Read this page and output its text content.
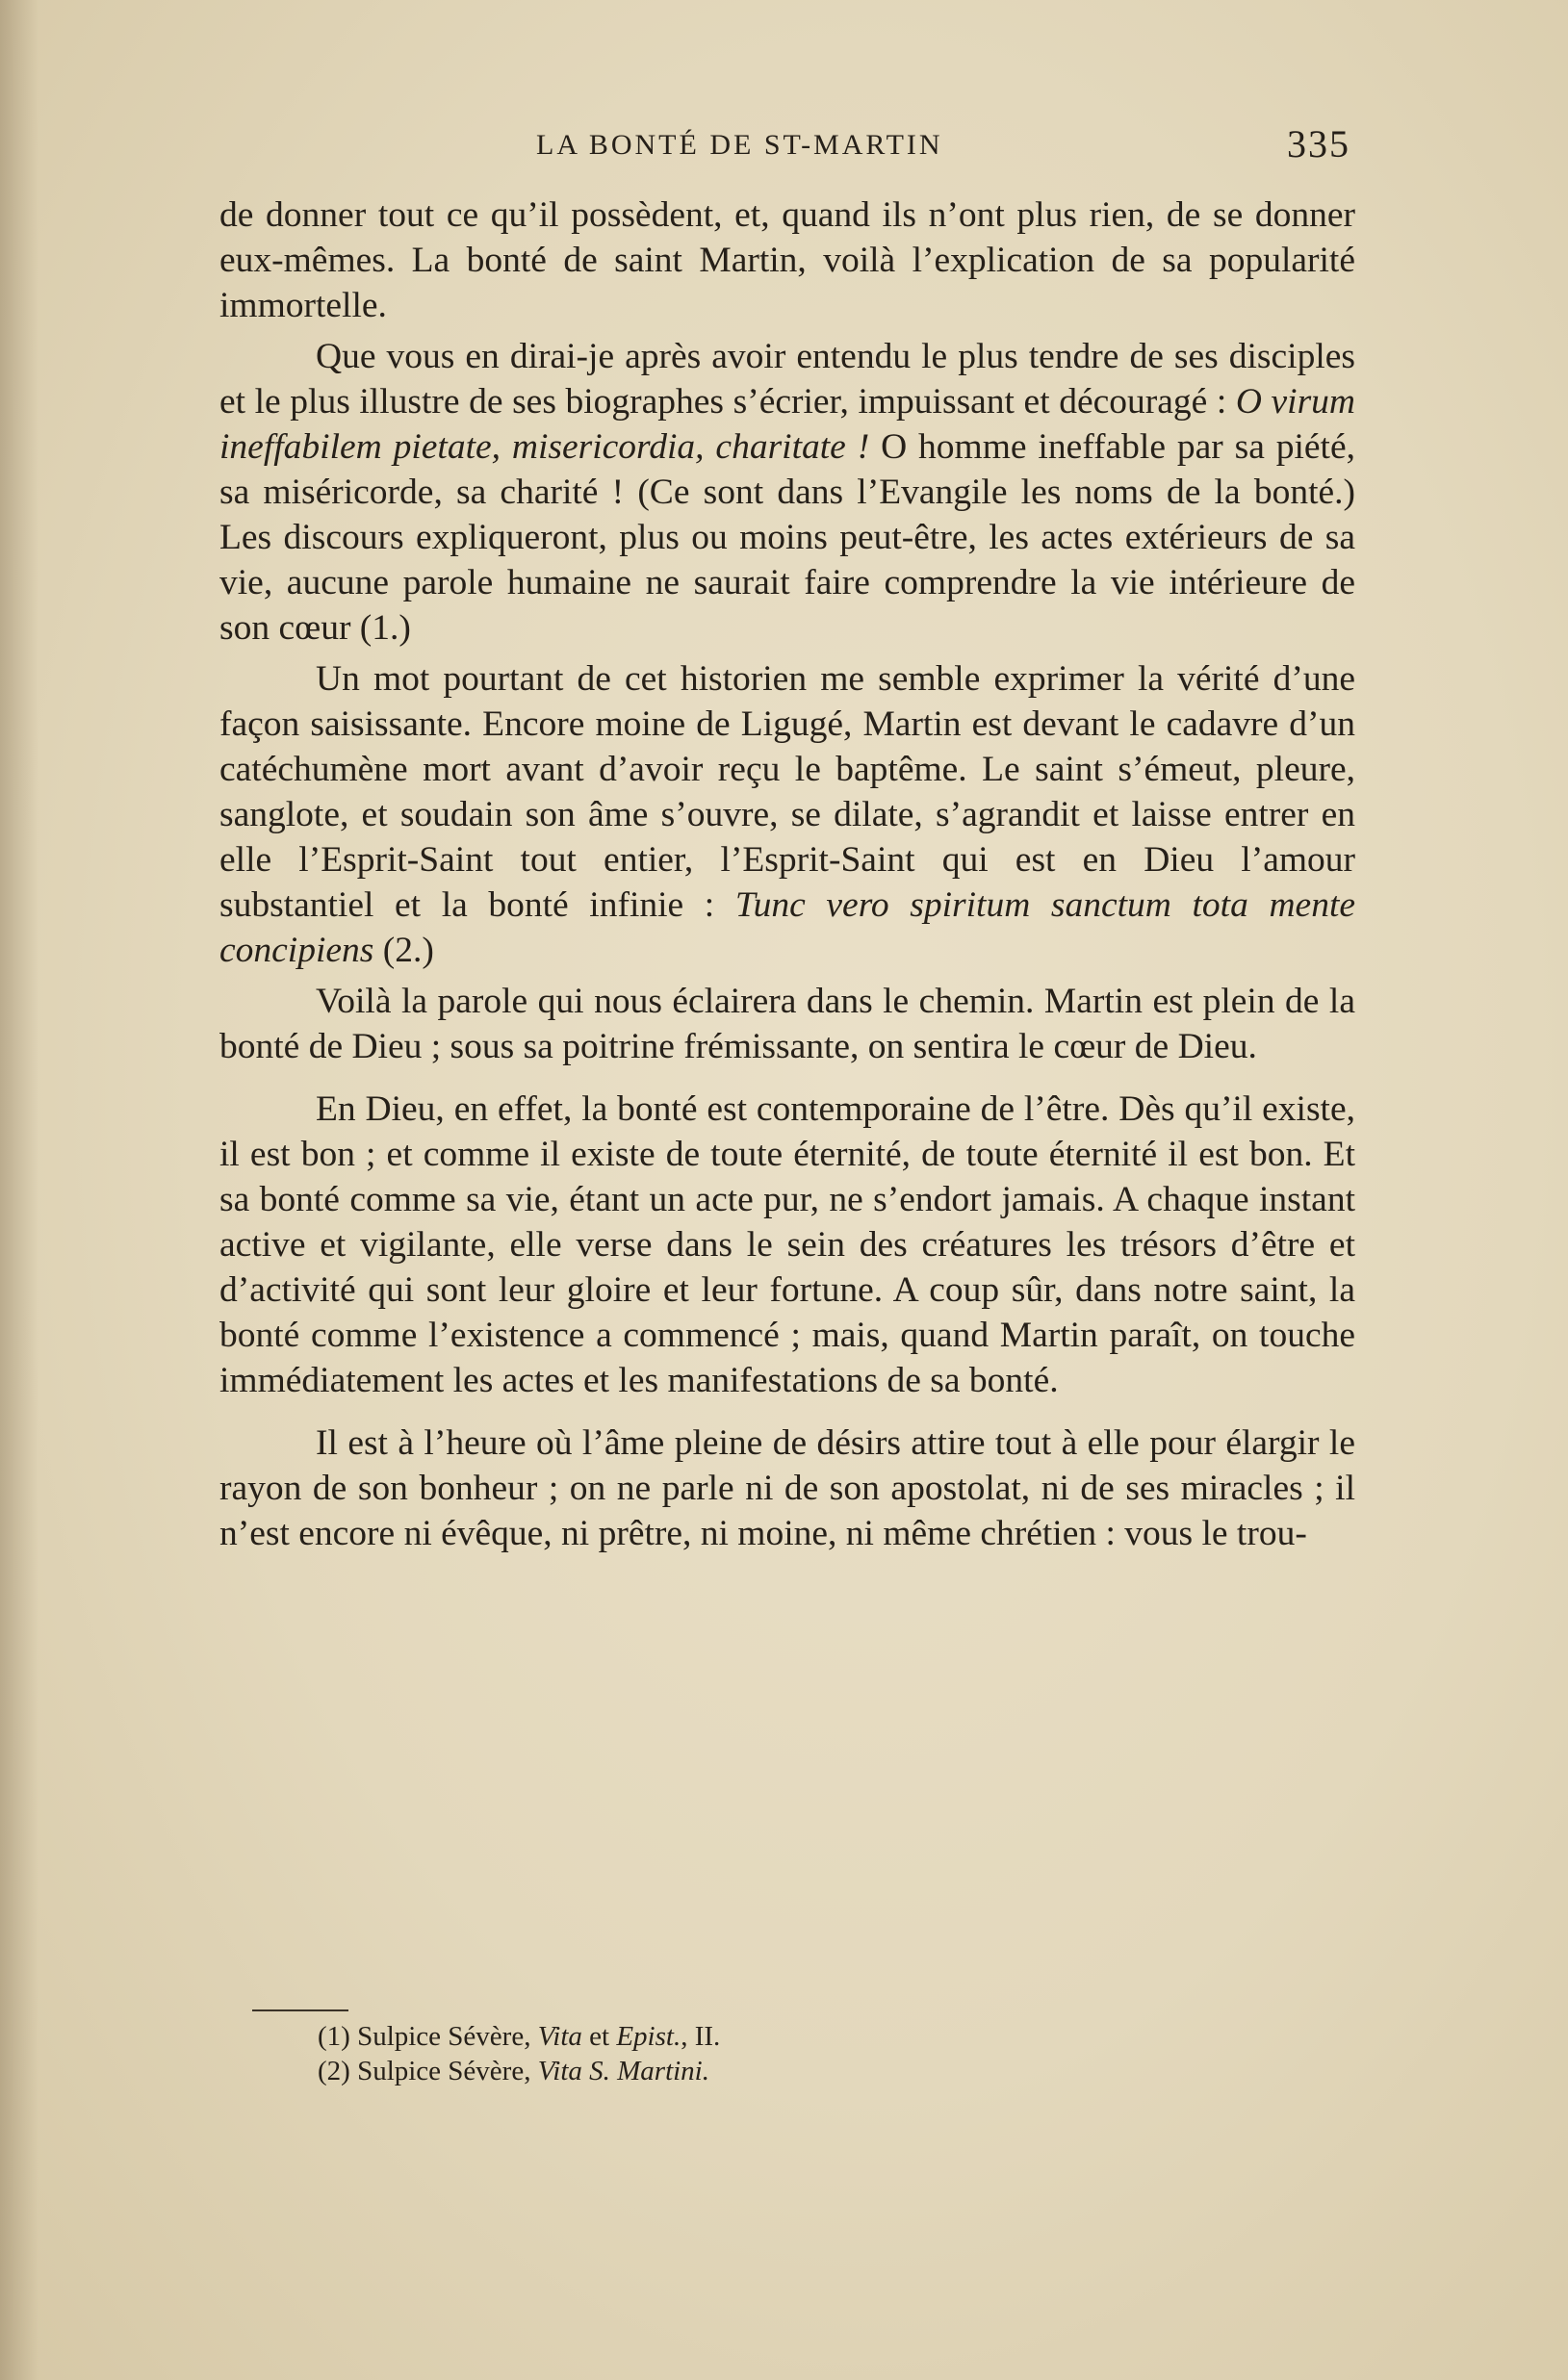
LA BONTÉ DE ST-MARTIN	335

de donner tout ce qu’il possèdent, et, quand ils n’ont plus rien, de se donner eux-mêmes. La bonté de saint Martin, voilà l’explication de sa popularité immortelle.

Que vous en dirai-je après avoir entendu le plus tendre de ses disciples et le plus illustre de ses biographes s’écrier, impuissant et découragé : O virum ineffabilem pietate, misericordia, charitate ! O homme ineffable par sa piété, sa miséricorde, sa charité ! (Ce sont dans l’Evangile les noms de la bonté.) Les discours expliqueront, plus ou moins peut-être, les actes extérieurs de sa vie, aucune parole humaine ne saurait faire comprendre la vie intérieure de son cœur (1.)

Un mot pourtant de cet historien me semble exprimer la vérité d’une façon saisissante. Encore moine de Ligugé, Martin est devant le cadavre d’un catéchumène mort avant d’avoir reçu le baptême. Le saint s’émeut, pleure, sanglote, et soudain son âme s’ouvre, se dilate, s’agrandit et laisse entrer en elle l’Esprit-Saint tout entier, l’Esprit-Saint qui est en Dieu l’amour substantiel et la bonté infinie : Tunc vero spiritum sanctum tota mente concipiens (2.)

Voilà la parole qui nous éclairera dans le chemin. Martin est plein de la bonté de Dieu ; sous sa poitrine frémissante, on sentira le cœur de Dieu.

En Dieu, en effet, la bonté est contemporaine de l’être. Dès qu’il existe, il est bon ; et comme il existe de toute éternité, de toute éternité il est bon. Et sa bonté comme sa vie, étant un acte pur, ne s’endort jamais. A chaque instant active et vigilante, elle verse dans le sein des créatures les trésors d’être et d’activité qui sont leur gloire et leur fortune. A coup sûr, dans notre saint, la bonté comme l’existence a commencé ; mais, quand Martin paraît, on touche immédiatement les actes et les manifestations de sa bonté.

Il est à l’heure où l’âme pleine de désirs attire tout à elle pour élargir le rayon de son bonheur ; on ne parle ni de son apostolat, ni de ses miracles ; il n’est encore ni évêque, ni prêtre, ni moine, ni même chrétien : vous le trou-

(1) Sulpice Sévère, Vita et Epist., II.
(2) Sulpice Sévère, Vita S. Martini.
